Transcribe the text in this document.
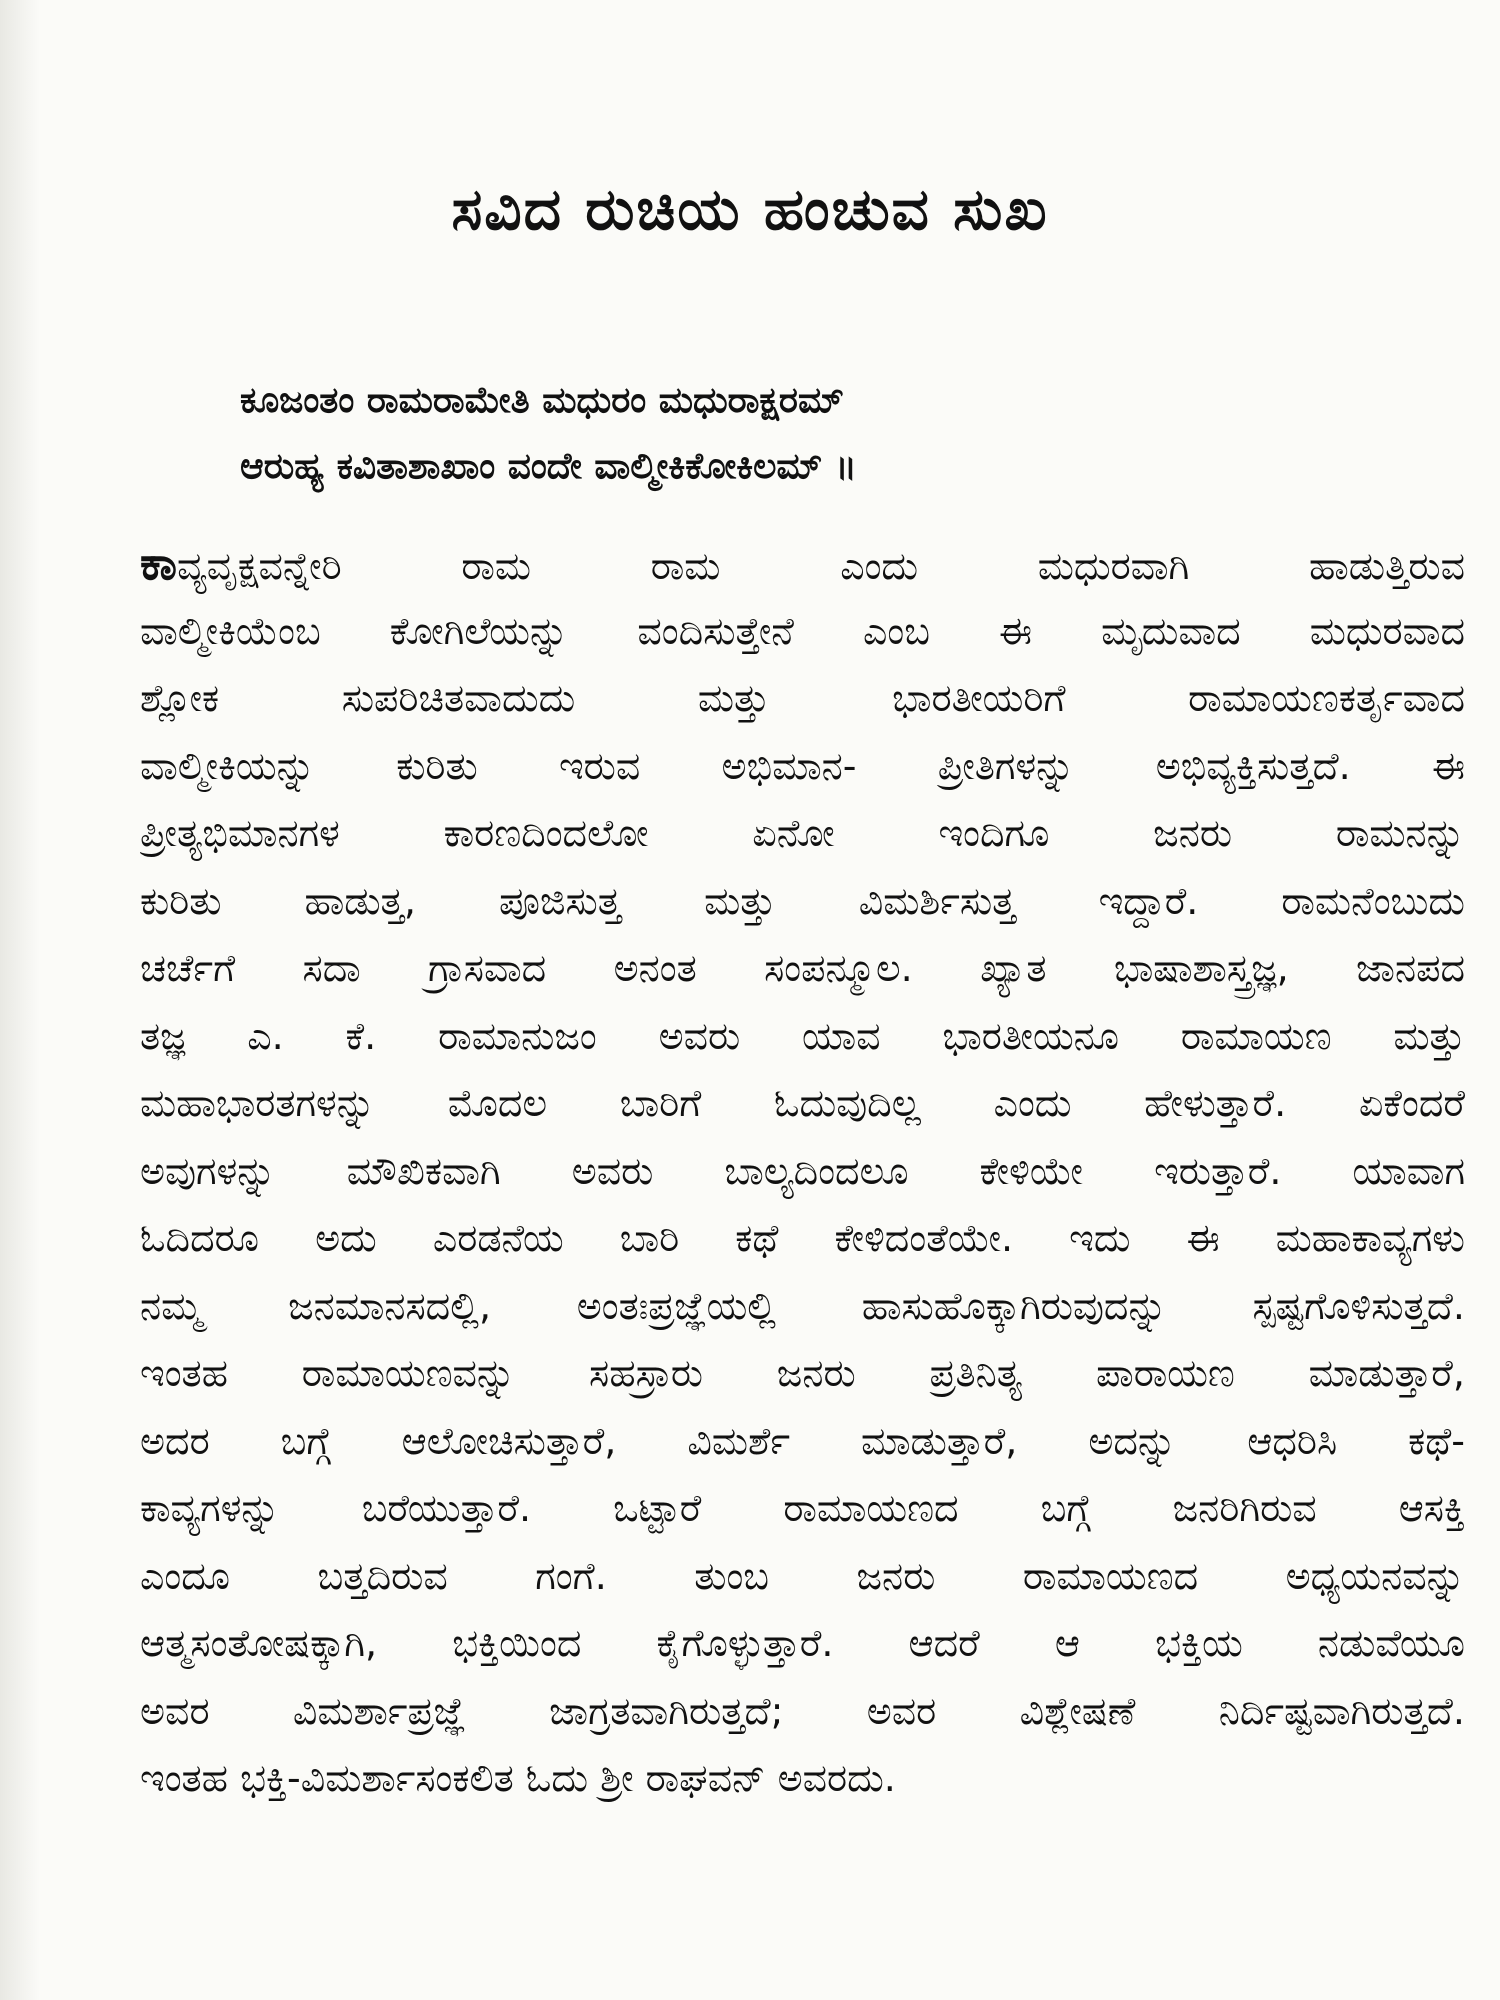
ಸವಿದ ರುಚಿಯ ಹಂಚುವ ಸುಖ
ಕೂಜಂತಂ ರಾಮರಾಮೇತಿ ಮಧುರಂ ಮಧುರಾಕ್ಷರಮ್
ಆರುಹ್ಯ ಕವಿತಾಶಾಖಾಂ ವಂದೇ ವಾಲ್ಮೀಕಿಕೋಕಿಲಮ್ ॥
ಕಾವ್ಯವೃಕ್ಷವನ್ನೇರಿ ರಾಮ ರಾಮ ಎಂದು ಮಧುರವಾಗಿ ಹಾಡುತ್ತಿರುವ
ವಾಲ್ಮೀಕಿಯೆಂಬ ಕೋಗಿಲೆಯನ್ನು ವಂದಿಸುತ್ತೇನೆ ಎಂಬ ಈ ಮೃದುವಾದ ಮಧುರವಾದ
ಶ್ಲೋಕ ಸುಪರಿಚಿತವಾದುದು ಮತ್ತು ಭಾರತೀಯರಿಗೆ ರಾಮಾಯಣಕರ್ತೃವಾದ
ವಾಲ್ಮೀಕಿಯನ್ನು ಕುರಿತು ಇರುವ ಅಭಿಮಾನ- ಪ್ರೀತಿಗಳನ್ನು ಅಭಿವ್ಯಕ್ತಿಸುತ್ತದೆ. ಈ
ಪ್ರೀತ್ಯಭಿಮಾನಗಳ ಕಾರಣದಿಂದಲೋ ಏನೋ ಇಂದಿಗೂ ಜನರು ರಾಮನನ್ನು
ಕುರಿತು ಹಾಡುತ್ತ, ಪೂಜಿಸುತ್ತ ಮತ್ತು ವಿಮರ್ಶಿಸುತ್ತ ಇದ್ದಾರೆ. ರಾಮನೆಂಬುದು
ಚರ್ಚೆಗೆ ಸದಾ ಗ್ರಾಸವಾದ ಅನಂತ ಸಂಪನ್ಮೂಲ. ಖ್ಯಾತ ಭಾಷಾಶಾಸ್ತ್ರಜ್ಞ, ಜಾನಪದ
ತಜ್ಞ ಎ. ಕೆ. ರಾಮಾನುಜಂ ಅವರು ಯಾವ ಭಾರತೀಯನೂ ರಾಮಾಯಣ ಮತ್ತು
ಮಹಾಭಾರತಗಳನ್ನು ಮೊದಲ ಬಾರಿಗೆ ಓದುವುದಿಲ್ಲ ಎಂದು ಹೇಳುತ್ತಾರೆ. ಏಕೆಂದರೆ
ಅವುಗಳನ್ನು ಮೌಖಿಕವಾಗಿ ಅವರು ಬಾಲ್ಯದಿಂದಲೂ ಕೇಳಿಯೇ ಇರುತ್ತಾರೆ. ಯಾವಾಗ
ಓದಿದರೂ ಅದು ಎರಡನೆಯ ಬಾರಿ ಕಥೆ ಕೇಳಿದಂತೆಯೇ. ಇದು ಈ ಮಹಾಕಾವ್ಯಗಳು
ನಮ್ಮ ಜನಮಾನಸದಲ್ಲಿ, ಅಂತಃಪ್ರಜ್ಞೆಯಲ್ಲಿ ಹಾಸುಹೊಕ್ಕಾಗಿರುವುದನ್ನು ಸ್ಪಷ್ಟಗೊಳಿಸುತ್ತದೆ.
ಇಂತಹ ರಾಮಾಯಣವನ್ನು ಸಹಸ್ರಾರು ಜನರು ಪ್ರತಿನಿತ್ಯ ಪಾರಾಯಣ ಮಾಡುತ್ತಾರೆ,
ಅದರ ಬಗ್ಗೆ ಆಲೋಚಿಸುತ್ತಾರೆ, ವಿಮರ್ಶೆ ಮಾಡುತ್ತಾರೆ, ಅದನ್ನು ಆಧರಿಸಿ ಕಥೆ-
ಕಾವ್ಯಗಳನ್ನು ಬರೆಯುತ್ತಾರೆ. ಒಟ್ಟಾರೆ ರಾಮಾಯಣದ ಬಗ್ಗೆ ಜನರಿಗಿರುವ ಆಸಕ್ತಿ
ಎಂದೂ ಬತ್ತದಿರುವ ಗಂಗೆ. ತುಂಬ ಜನರು ರಾಮಾಯಣದ ಅಧ್ಯಯನವನ್ನು
ಆತ್ಮಸಂತೋಷಕ್ಕಾಗಿ, ಭಕ್ತಿಯಿಂದ ಕೈಗೊಳ್ಳುತ್ತಾರೆ. ಆದರೆ ಆ ಭಕ್ತಿಯ ನಡುವೆಯೂ
ಅವರ ವಿಮರ್ಶಾಪ್ರಜ್ಞೆ ಜಾಗ್ರತವಾಗಿರುತ್ತದೆ; ಅವರ ವಿಶ್ಲೇಷಣೆ ನಿರ್ದಿಷ್ಟವಾಗಿರುತ್ತದೆ.
ಇಂತಹ ಭಕ್ತಿ-ವಿಮರ್ಶಾಸಂಕಲಿತ ಓದು ಶ್ರೀ ರಾಘವನ್ ಅವರದು.
